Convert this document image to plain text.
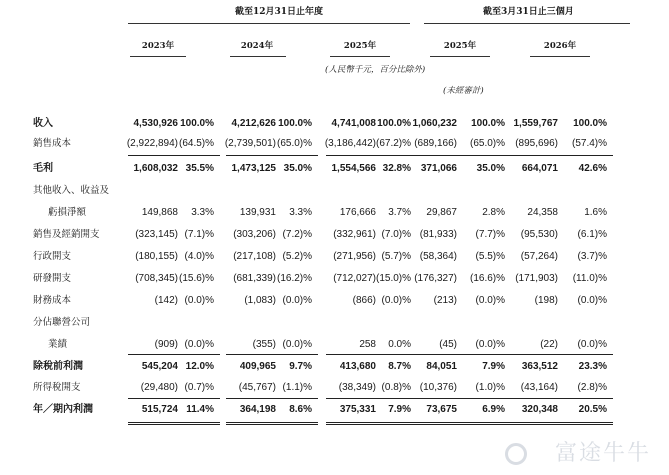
截至12月31日止年度	截至3月31日止三個月
2023年	2024年	2025年	2025年	2026年
(人民幣千元，百分比除外)
(未經審計)
收入	4,530,926 100.0% 4,212,626 100.0% 4,741,008 100.0% 1,060,232 100.0% 1,559,767 100.0%
銷售成本	(2,922,894) (64.5)% (2,739,501) (65.0)% (3,186,442) (67.2)% (689,166) (65.0)% (895,696) (57.4)%
毛利	1,608,032 35.5% 1,473,125 35.0% 1,554,566 32.8% 371,066 35.0% 664,071 42.6%
其他收入、收益及
虧損淨額	149,868 3.3%	139,931 3.3%	176,666 3.7% 29,867	2.8% 24,358	1.6%
銷售及經銷開支	(323,145) (7.1)% (303,206) (7.2)% (332,961) (7.0)% (81,933) (7.7)% (95,530) (6.1)%
行政開支	(180,155) (4.0)% (217,108) (5.2)% (271,956) (5.7)% (58,364) (5.5)% (57,264) (3.7)%
研發開支	(708,345) (15.6)% (681,339) (16.2)% (712,027) (15.0)% (176,327) (16.6)% (171,903) (11.0)%
財務成本	(142) (0.0)%	(1,083) (0.0)%	(866) (0.0)% (213) (0.0)%	(198) (0.0)%
分佔聯營公司
業績	(909) (0.0)%	(355) (0.0)%	258 0.0%	(45) (0.0)%	(22) (0.0)%
除稅前利潤	545,204 12.0%	409,965 9.7%	413,680 8.7% 84,051	7.9% 363,512 23.3%
所得稅開支	(29,480) (0.7)% (45,767) (1.1)%	(38,349) (0.8)% (10,376) (1.0)% (43,164) (2.8)%
年／期內利潤	515,724 11.4%	364,198 8.6%	375,331 7.9% 73,675	6.9% 320,348 20.5%
富途牛牛
